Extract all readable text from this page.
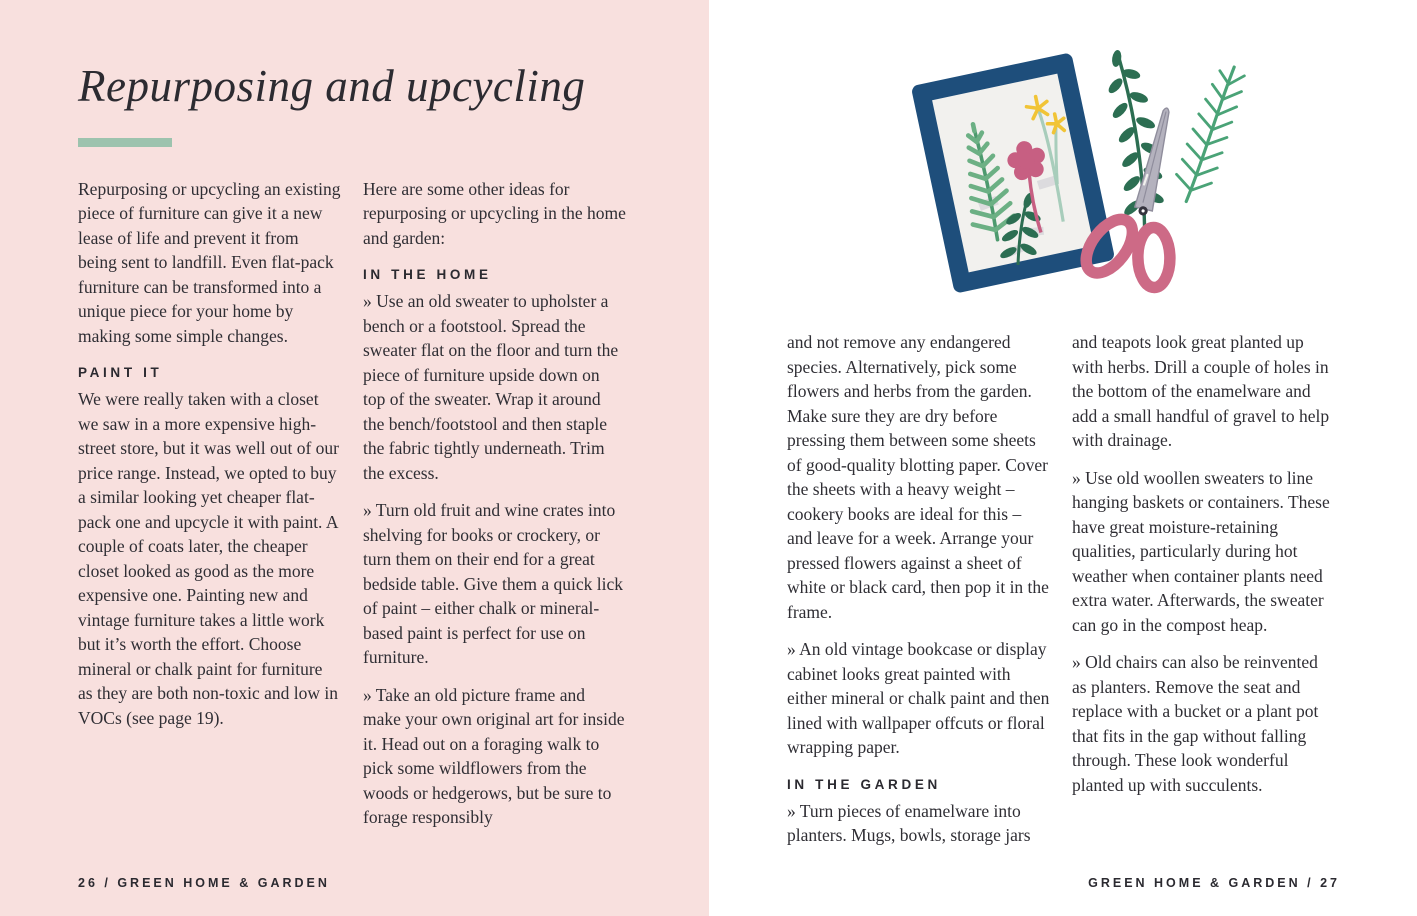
Repurposing and upcycling

Repurposing or upcycling an existing piece of furniture can give it a new lease of life and prevent it from being sent to landfill. Even flat-pack furniture can be transformed into a unique piece for your home by making some simple changes.

PAINT IT

We were really taken with a closet we saw in a more expensive high-street store, but it was well out of our price range. Instead, we opted to buy a similar looking yet cheaper flat-pack one and upcycle it with paint. A couple of coats later, the cheaper closet looked as good as the more expensive one. Painting new and vintage furniture takes a little work but it’s worth the effort. Choose mineral or chalk paint for furniture as they are both non-toxic and low in VOCs (see page 19).

Here are some other ideas for repurposing or upcycling in the home and garden:

IN THE HOME

» Use an old sweater to upholster a bench or a footstool. Spread the sweater flat on the floor and turn the piece of furniture upside down on top of the sweater. Wrap it around the bench/footstool and then staple the fabric tightly underneath. Trim the excess.

» Turn old fruit and wine crates into shelving for books or crockery, or turn them on their end for a great bedside table. Give them a quick lick of paint – either chalk or mineral-based paint is perfect for use on furniture.

» Take an old picture frame and make your own original art for inside it. Head out on a foraging walk to pick some wildflowers from the woods or hedgerows, but be sure to forage responsibly

26 / GREEN HOME & GARDEN

and not remove any endangered species. Alternatively, pick some flowers and herbs from the garden. Make sure they are dry before pressing them between some sheets of good-quality blotting paper. Cover the sheets with a heavy weight – cookery books are ideal for this – and leave for a week. Arrange your pressed flowers against a sheet of white or black card, then pop it in the frame.

» An old vintage bookcase or display cabinet looks great painted with either mineral or chalk paint and then lined with wallpaper offcuts or floral wrapping paper.

IN THE GARDEN

» Turn pieces of enamelware into planters. Mugs, bowls, storage jars

and teapots look great planted up with herbs. Drill a couple of holes in the bottom of the enamelware and add a small handful of gravel to help with drainage.

» Use old woollen sweaters to line hanging baskets or containers. These have great moisture-retaining qualities, particularly during hot weather when container plants need extra water. Afterwards, the sweater can go in the compost heap.

» Old chairs can also be reinvented as planters. Remove the seat and replace with a bucket or a plant pot that fits in the gap without falling through. These look wonderful planted up with succulents.

GREEN HOME & GARDEN / 27
